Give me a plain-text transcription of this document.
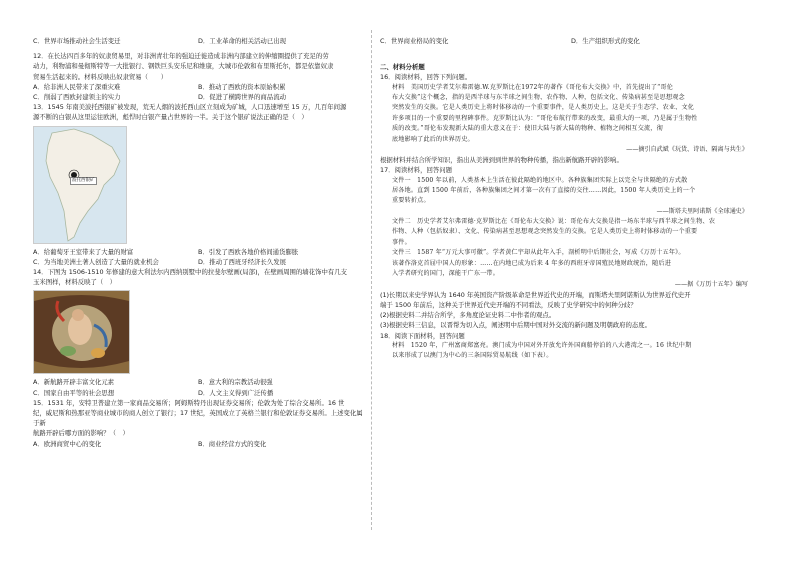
C．世界市场推动社会生活变迁	D．工业革命的相关活动已出现
12．在长达四百多年的奴隶贸易里，对非洲青壮年的强迫迁徙造成非洲内部建立的伸缩圈提供了充足的劳
动力，利物浦和曼彻斯特等一大批银行、钢铁巨头安乐尼和维康，大城市伦敦和布里斯托尔，都是依靠奴隶
贸易生活起来的。材料反映出奴隶贸易（　　）
A．给非洲人民带来了深重灾难	B．推动了西欧的资本原始积累
C．削弱了西欧封建领主的实力	D．促进了横跨世界的商品流动
13．1545 年南美波托西银矿被发现，荒无人烟的波托西山区立刻成为矿城，人口迅速增至 15 万，几百年间源
源不断的白银从这里运往欧洲，彪悍时白银产量占世界的一半。关于这个银矿说法正确的是（　）
波托西银矿
A．给葡萄牙王室带来了大量的财富	B．引发了西欧各地价格间通货膨胀
C．为当地美洲土著人创造了大量的就业机会	D．推动了西班牙经济长久发展
14．下图为 1506-1510 年修建的意大利法尔内西纳别墅中的拉斐尔壁画(局部)，在壁画周围的墙花饰中有几支
玉米图样，材料反映了（　）
A．新航路开辟丰富文化元素	B．意大利的宗教活动很强
C．国家自由平等的社会思想	D．人文主义得到广泛传播
15．1531 年，安特卫普建立第一家商品交易所；阿姆斯特丹出现证券交易所；伦敦为处了综合交易所。16 世
纪，威尼斯和热那亚等商业城市的商人创立了银行；17 世纪，英国成立了英格兰银行和伦敦证券交易所。上述变化属于新
航路开辟后哪方面的影响？（　）
A．欧洲商贸中心的变化	B．商业经营方式的变化
C．世界商业格局的变化	D．生产组织形式的变化
二、材料分析题
16．阅读材料，回答下列问题。
材料　美国历史学者艾尔弗雷德.W.克罗斯比在1972年的著作《哥伦布大交换》中，首先提出了“哥伦
布大交换”这个概念，指的是西半球与东半球之间生物、农作物、人种，包括文化、传染病甚至是思想观念
突然发生的交换。它是人类历史上将时体移动的一个重要事件，是人类历史上，这是关于生态学、农业、文化
许多项目的一个重要的里程碑事件。克罗斯比认为：“哥伦布航行带来的改变，最重大的一项，乃是属于生物性
质的改变。”哥伦布发现新大陆的重大意义在于：使旧大陆与新大陆的物种、植物之间相互交流，彻
底地影响了此后的世界历史。
——摘引自武斌《玩货、诗语、隔离与共生》
根据材料并结合所学知识，指出从美洲到到世界的物种传播，指出新航路开辟的影响。
17．阅读材料，回答问题
文件一　1500 年以前，人类基本上生活在彼此隔绝的地区中。各种族集团实际上以完全与世隔绝的方式散
居各地。直到 1500 年前后，各种族集团之间才第一次有了直接的交往……因此，1500 年人类历史上的一个
重要转折点。
——斯塔夫里阿诺斯《全球通史》
文件二　历史学者艾尔弗雷德·克罗斯比在《哥伦布大交换》说：哥伦布大交换是指一场东半球与西半球之间生物、农
作物、人种（包括奴隶）、文化、传染病甚至思想观念突然发生的交换。它是人类历史上将时体移动的一个重要
事件。
文件三　1587 年“万元大事可徽”。学者黄仁宇却从此年入手，剖析明中后期社会，写成《万历十五年》。
该著作洛克首屈中国人的形象：……在内地已成为后来 4 年多的西班牙帝国殖民地财政统治，随后进
入学者研究的国门，深能干广东一带。
——据《万历十五年》编写
(1)长期以来史学界认为 1640 年英国资产阶级革命是世界近代史的开端，而斯塔夫里阿诺斯认为世界近代史开
端于 1500 年前后，这种关于世界近代史开端的不同看法，反映了史学研究中的何种分歧？
(2)根据史料二并结合所学，多角度论证史料二中作者的观点。
(3)根据史料三信息，以晋帮为切入点，阐述明中后期中国对外交流的新问题及明朝政府的态度。
18．阅读下面材料，回答问题
材料　1520 年，广州富商郑富亮。澳门成为中国对外开放允许外国商船停泊的八大港湾之一。16 世纪中期
以来形成了以澳门为中心的三条国际贸易航线（如下表）。
